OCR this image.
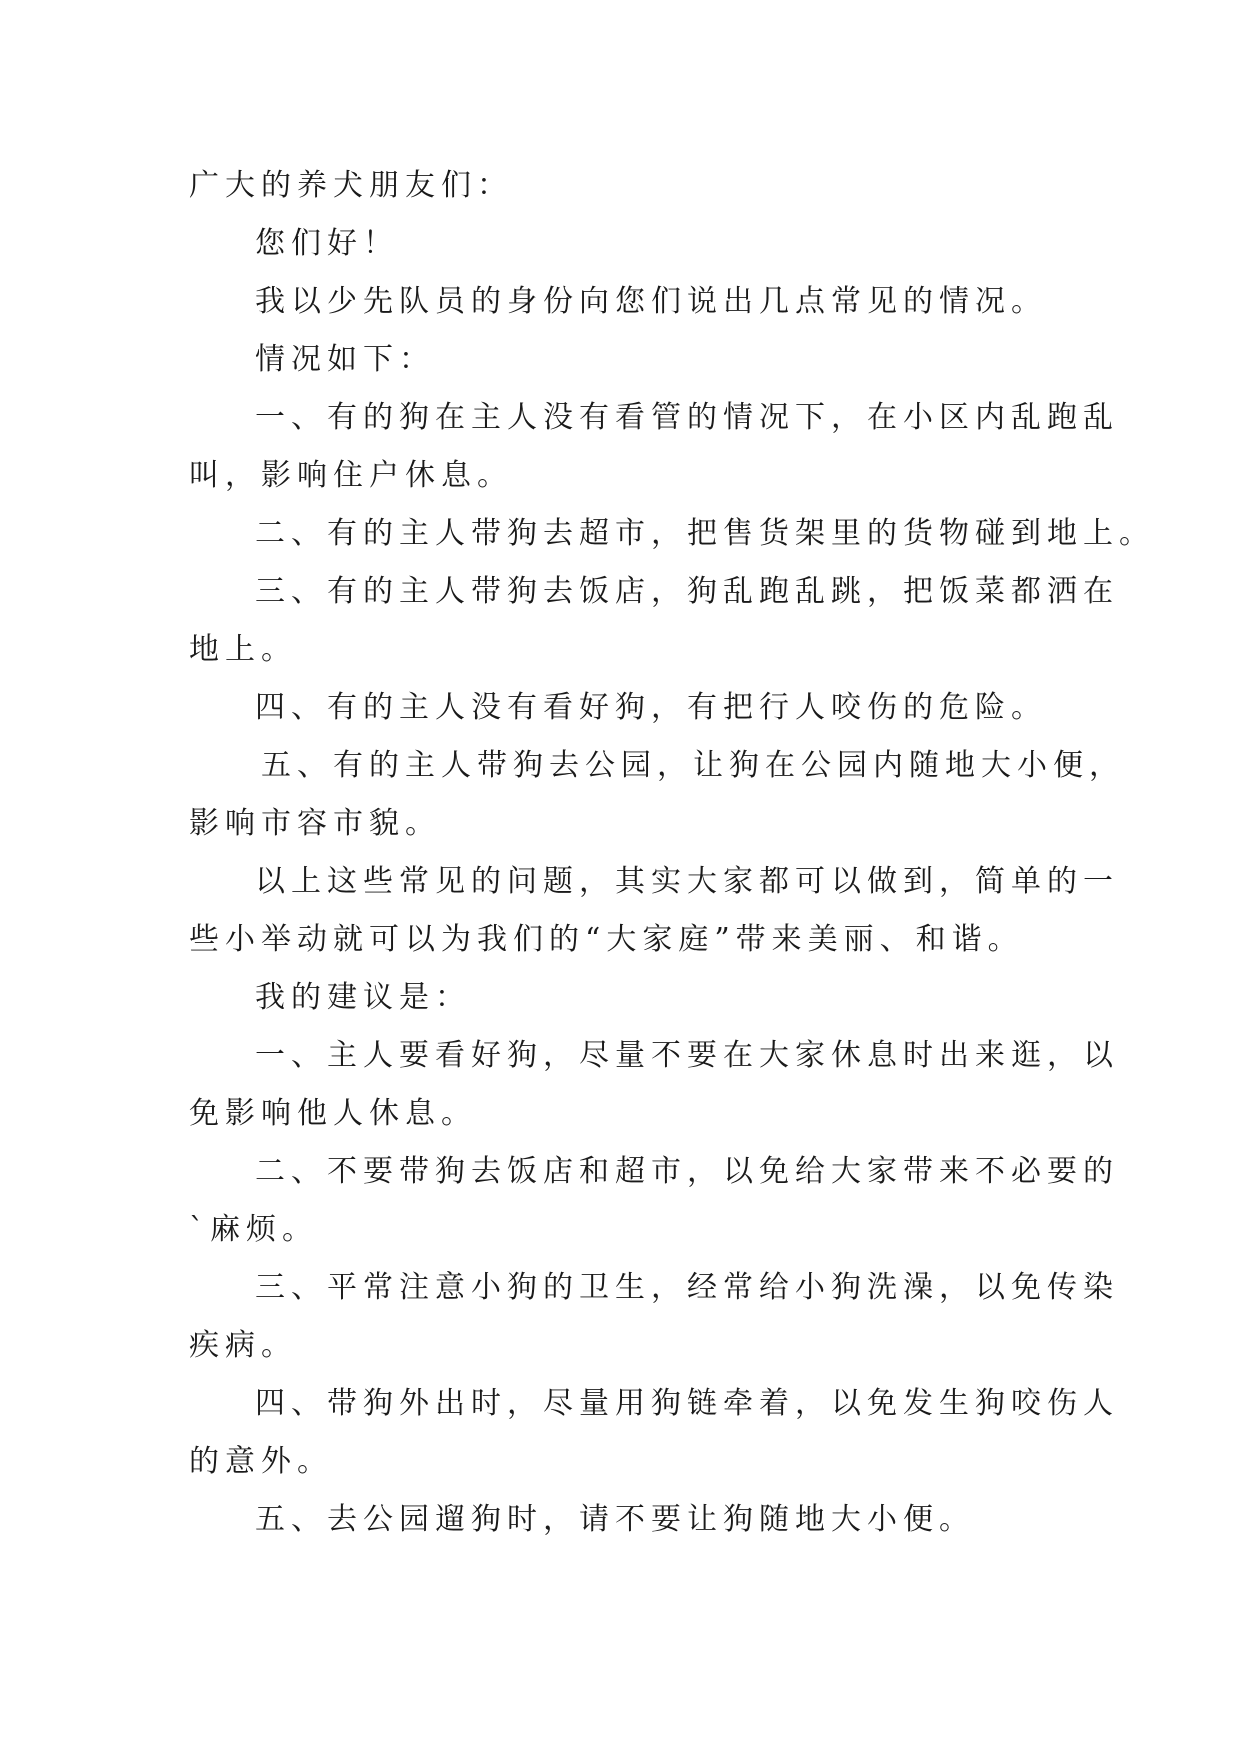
广大的养犬朋友们：

您们好！

我以少先队员的身份向您们说出几点常见的情况。

情况如下：

一、有的狗在主人没有看管的情况下，在小区内乱跑乱

叫，影响住户休息。

二、有的主人带狗去超市，把售货架里的货物碰到地上。

三、有的主人带狗去饭店，狗乱跑乱跳，把饭菜都洒在

地上。

四、有的主人没有看好狗，有把行人咬伤的危险。

五、有的主人带狗去公园，让狗在公园内随地大小便，

影响市容市貌。

以上这些常见的问题，其实大家都可以做到，简单的一

些小举动就可以为我们的“大家庭”带来美丽、和谐。

我的建议是：

一、主人要看好狗，尽量不要在大家休息时出来逛，以

免影响他人休息。

二、不要带狗去饭店和超市，以免给大家带来不必要的

`麻烦。

三、平常注意小狗的卫生，经常给小狗洗澡，以免传染

疾病。

四、带狗外出时，尽量用狗链牵着，以免发生狗咬伤人

的意外。

五、去公园遛狗时，请不要让狗随地大小便。
